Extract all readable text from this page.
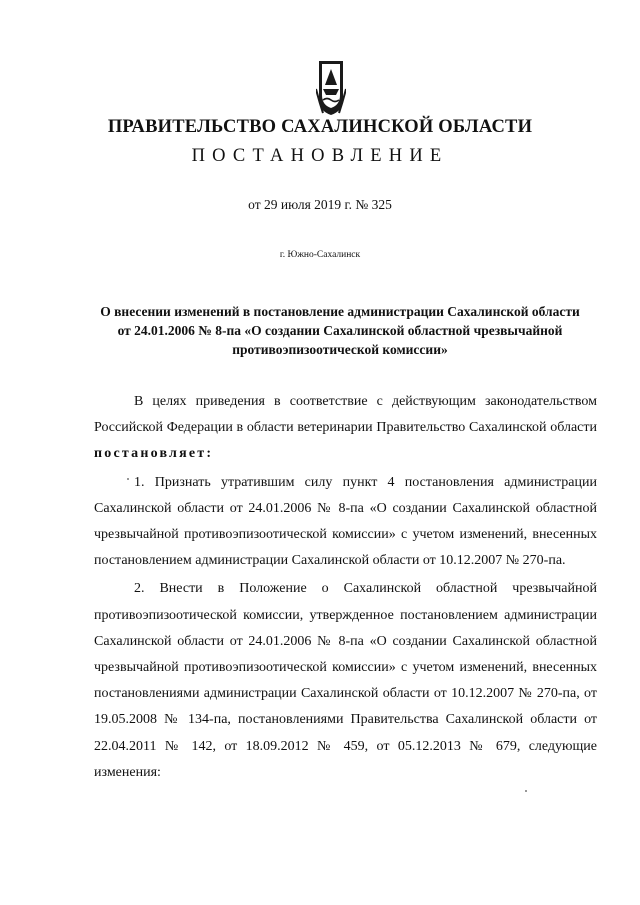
ПРАВИТЕЛЬСТВО САХАЛИНСКОЙ ОБЛАСТИ
ПОСТАНОВЛЕНИЕ
от 29 июля 2019 г. № 325
г. Южно-Сахалинск
О внесении изменений в постановление администрации Сахалинской области от 24.01.2006 № 8-па «О создании Сахалинской областной чрезвычайной противоэпизоотической комиссии»

В целях приведения в соответствие с действующим законодательством Российской Федерации в области ветеринарии Правительство Сахалинской области постановляет:

1. Признать утратившим силу пункт 4 постановления администрации Сахалинской области от 24.01.2006 № 8-па «О создании Сахалинской областной чрезвычайной противоэпизоотической комиссии» с учетом изменений, внесенных постановлением администрации Сахалинской области от 10.12.2007 № 270-па.

2. Внести в Положение о Сахалинской областной чрезвычайной противоэпизоотической комиссии, утвержденное постановлением администрации Сахалинской области от 24.01.2006 № 8-па «О создании Сахалинской областной чрезвычайной противоэпизоотической комиссии» с учетом изменений, внесенных постановлениями администрации Сахалинской области от 10.12.2007 № 270-па, от 19.05.2008 № 134-па, постановлениями Правительства Сахалинской области от 22.04.2011 № 142, от 18.09.2012 № 459, от 05.12.2013 № 679, следующие изменения:
